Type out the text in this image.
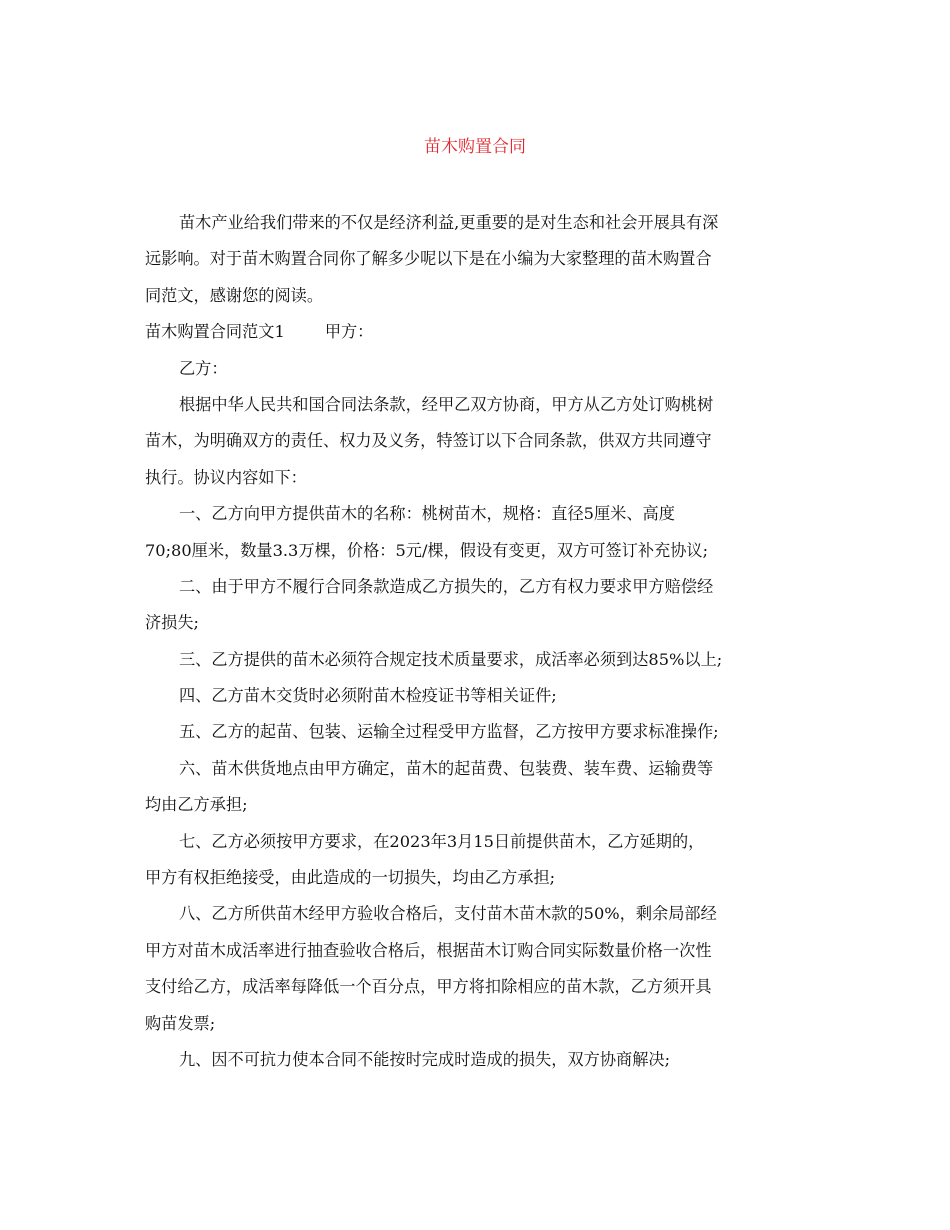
苗木购置合同
苗木产业给我们带来的不仅是经济利益,更重要的是对生态和社会开展具有深
远影响。对于苗木购置合同你了解多少呢以下是在小编为大家整理的苗木购置合
同范文，感谢您的阅读。
苗木购置合同范文1 甲方：
乙方：
根据中华人民共和国合同法条款，经甲乙双方协商，甲方从乙方处订购桃树
苗木，为明确双方的责任、权力及义务，特签订以下合同条款，供双方共同遵守
执行。协议内容如下：
一、乙方向甲方提供苗木的名称：桃树苗木，规格：直径5厘米、高度
70;80厘米，数量3.3万棵，价格：5元/棵，假设有变更，双方可签订补充协议;
二、由于甲方不履行合同条款造成乙方损失的，乙方有权力要求甲方赔偿经
济损失;
三、乙方提供的苗木必须符合规定技术质量要求，成活率必须到达85%以上;
四、乙方苗木交货时必须附苗木检疫证书等相关证件;
五、乙方的起苗、包装、运输全过程受甲方监督，乙方按甲方要求标准操作;
六、苗木供货地点由甲方确定，苗木的起苗费、包装费、装车费、运输费等
均由乙方承担;
七、乙方必须按甲方要求，在2023年3月15日前提供苗木，乙方延期的，
甲方有权拒绝接受，由此造成的一切损失，均由乙方承担;
八、乙方所供苗木经甲方验收合格后，支付苗木苗木款的50%，剩余局部经
甲方对苗木成活率进行抽查验收合格后，根据苗木订购合同实际数量价格一次性
支付给乙方，成活率每降低一个百分点，甲方将扣除相应的苗木款，乙方须开具
购苗发票;
九、因不可抗力使本合同不能按时完成时造成的损失，双方协商解决;
